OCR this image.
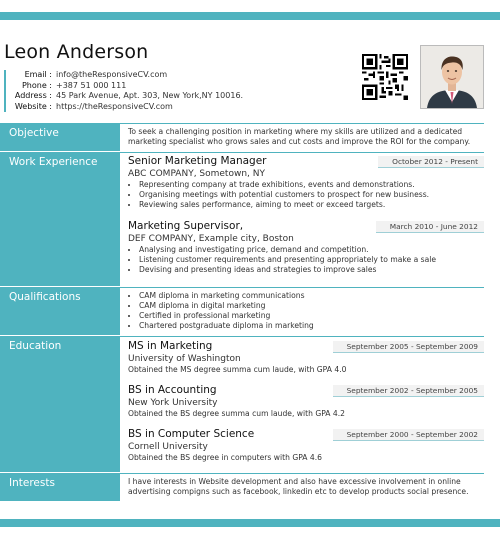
Leon Anderson
Email : info@theResponsiveCV.com
Phone : +387 51 000 111
Address : 45 Park Avenue, Apt. 303, New York,NY 10016.
Website : https://theResponsiveCV.com
Objective	To seek a challenging position in marketing where my skills are utilized and a dedicated marketing specialist who grows sales and cut costs and improve the ROI for the company.
Work Experience	Senior Marketing Manager	October 2012 - Present
ABC COMPANY, Sometown, NY
• Representing company at trade exhibitions, events and demonstrations.
• Organising meetings with potential customers to prospect for new business.
• Reviewing sales performance, aiming to meet or exceed targets.
Marketing Supervisor,	March 2010 - June 2012
DEF COMPANY, Example city, Boston
• Analysing and investigating price, demand and competition.
• Listening customer requirements and presenting appropriately to make a sale
• Devising and presenting ideas and strategies to improve sales
Qualifications
•	CAM diploma in marketing communications
• CAM diploma in digital marketing
• Certified in professional marketing
• Chartered postgraduate diploma in marketing
Education	MS in Marketing	September 2005 - September 2009
University of Washington
Obtained the MS degree summa cum laude, with GPA 4.0
BS in Accounting	September 2002 - September 2005
New York University
Obtained the BS degree summa cum laude, with GPA 4.2
BS in Computer Science	September 2000 - September 2002
Cornell University
Obtained the BS degree in computers with GPA 4.6
Interests	I have interests in Website development and also have excessive involvement in online advertising compigns such as facebook, linkedin etc to develop products social presence.
